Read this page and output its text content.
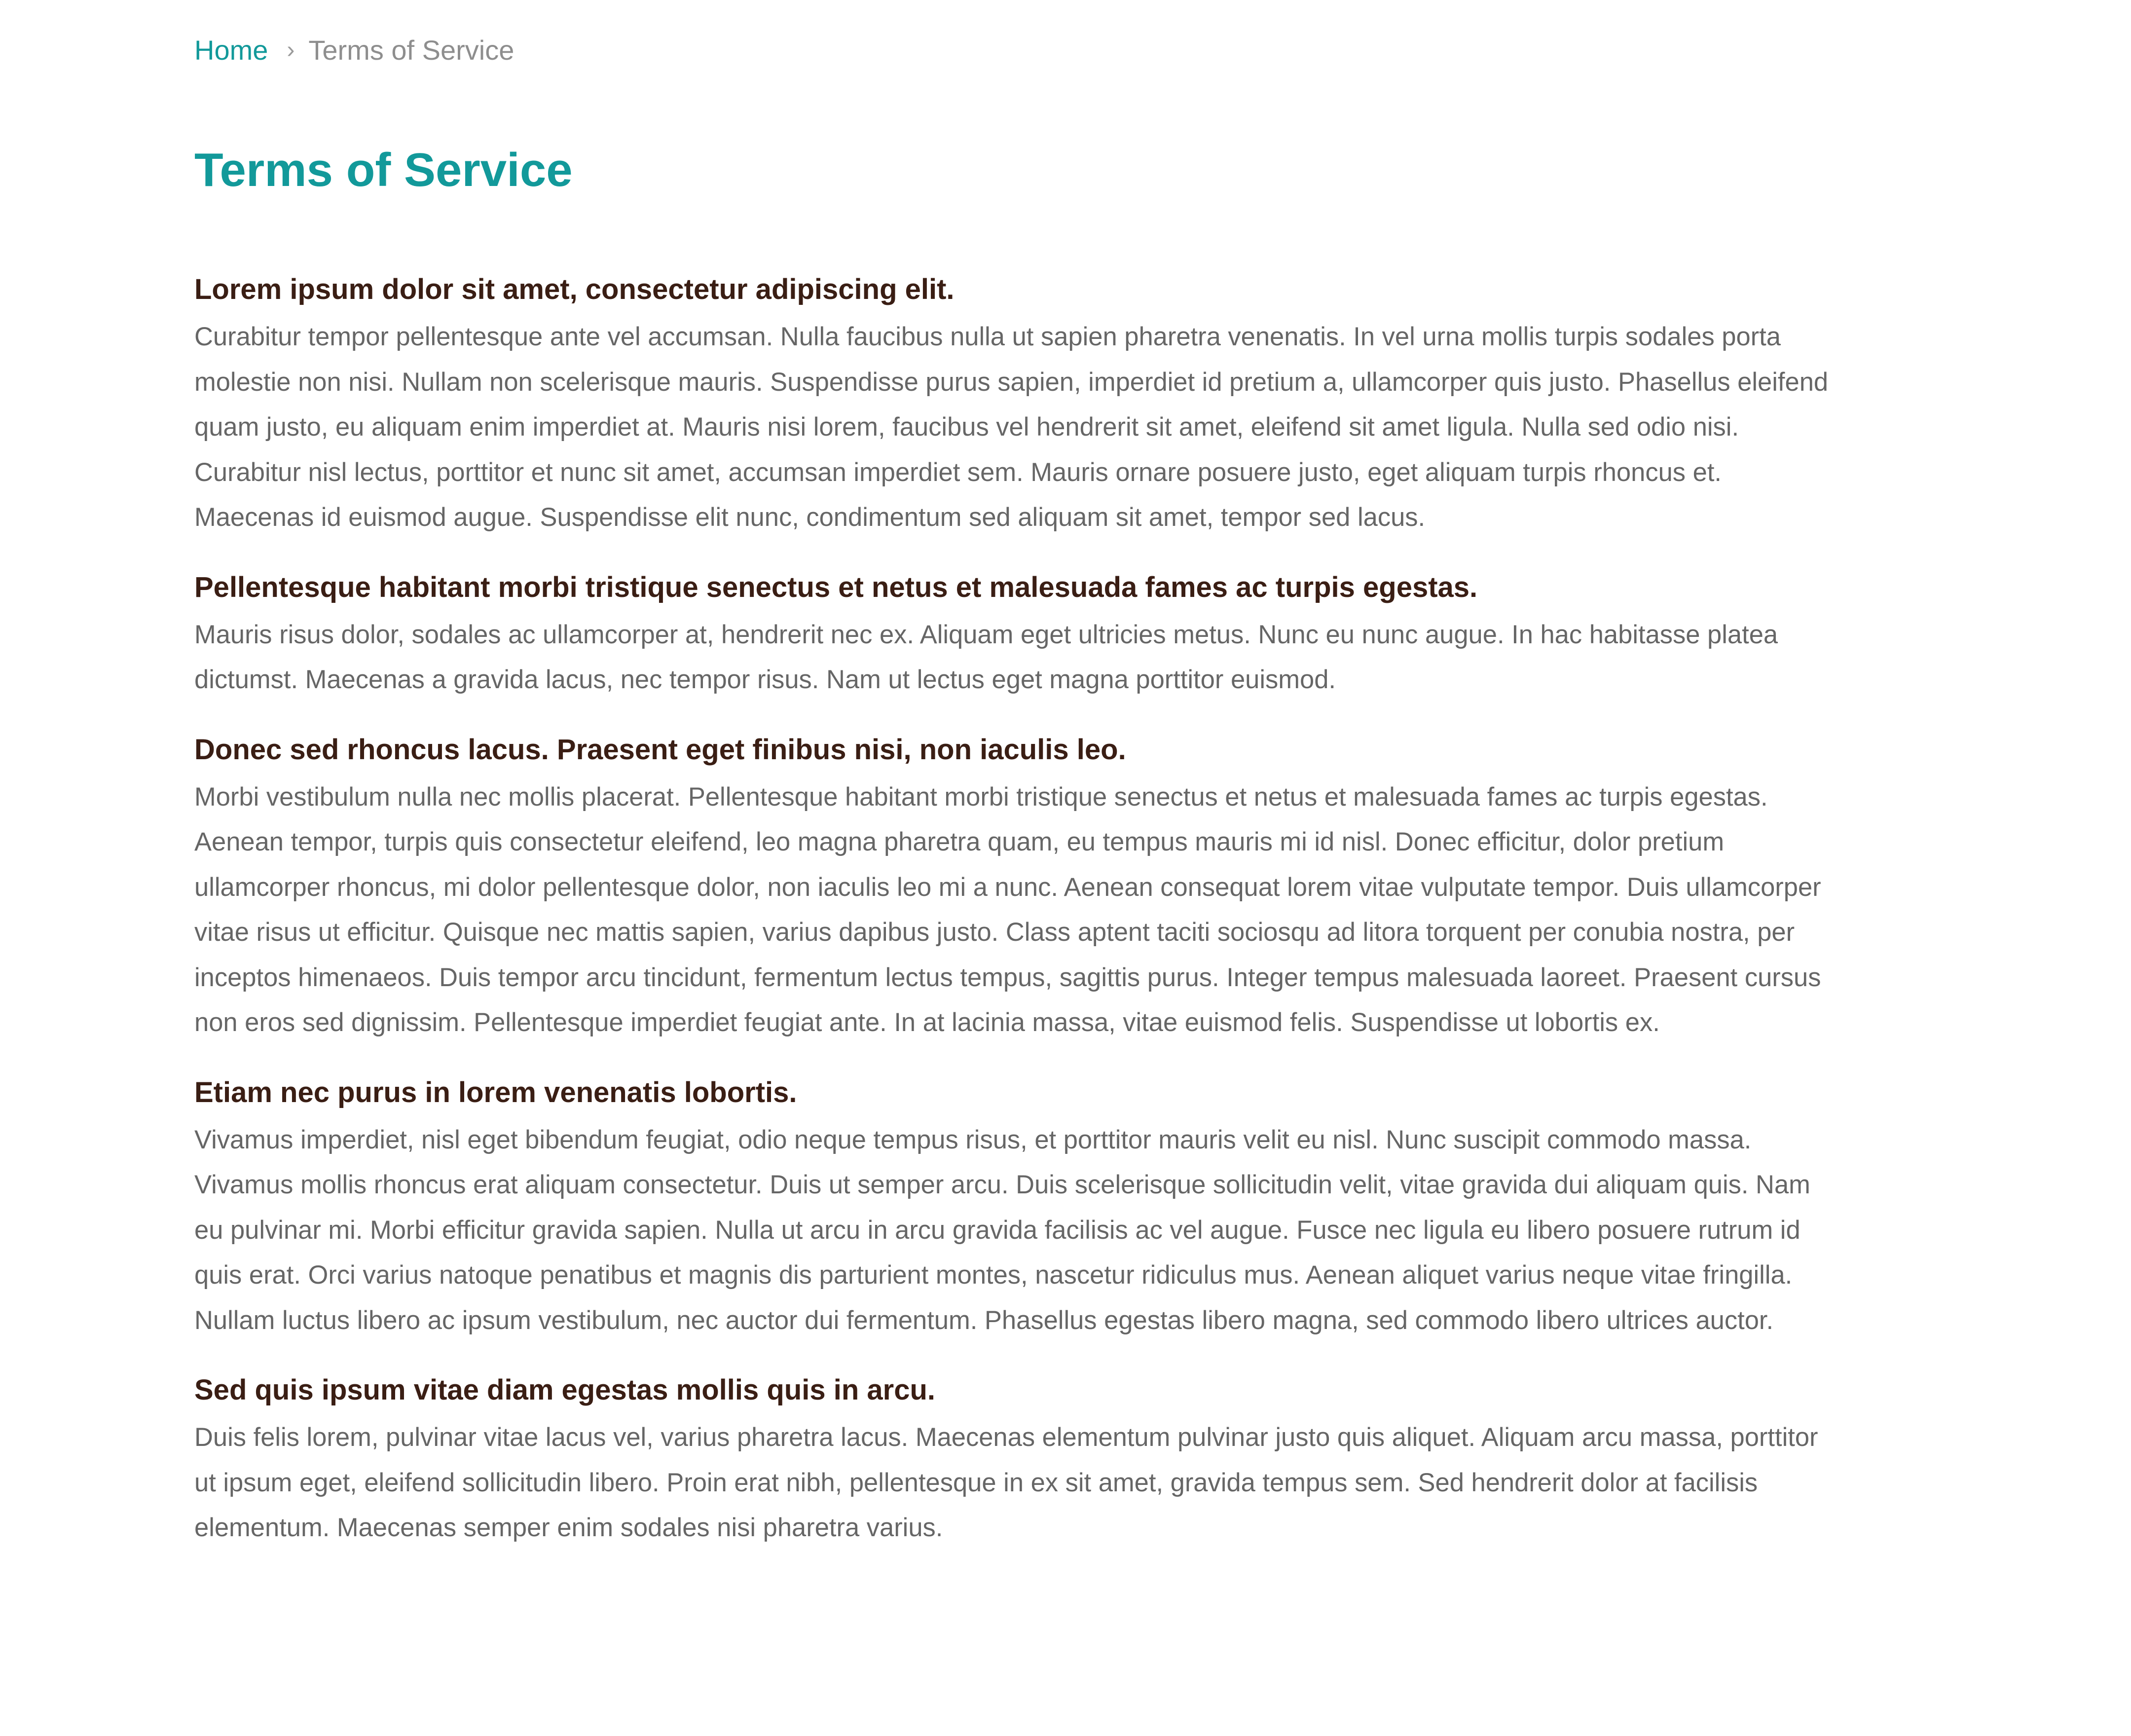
Home › Terms of Service
Terms of Service
Lorem ipsum dolor sit amet, consectetur adipiscing elit.

Curabitur tempor pellentesque ante vel accumsan. Nulla faucibus nulla ut sapien pharetra venenatis. In vel urna mollis turpis sodales porta molestie non nisi. Nullam non scelerisque mauris. Suspendisse purus sapien, imperdiet id pretium a, ullamcorper quis justo. Phasellus eleifend quam justo, eu aliquam enim imperdiet at. Mauris nisi lorem, faucibus vel hendrerit sit amet, eleifend sit amet ligula. Nulla sed odio nisi. Curabitur nisl lectus, porttitor et nunc sit amet, accumsan imperdiet sem. Mauris ornare posuere justo, eget aliquam turpis rhoncus et. Maecenas id euismod augue. Suspendisse elit nunc, condimentum sed aliquam sit amet, tempor sed lacus.

Pellentesque habitant morbi tristique senectus et netus et malesuada fames ac turpis egestas.

Mauris risus dolor, sodales ac ullamcorper at, hendrerit nec ex. Aliquam eget ultricies metus. Nunc eu nunc augue. In hac habitasse platea dictumst. Maecenas a gravida lacus, nec tempor risus. Nam ut lectus eget magna porttitor euismod.

Donec sed rhoncus lacus. Praesent eget finibus nisi, non iaculis leo.

Morbi vestibulum nulla nec mollis placerat. Pellentesque habitant morbi tristique senectus et netus et malesuada fames ac turpis egestas. Aenean tempor, turpis quis consectetur eleifend, leo magna pharetra quam, eu tempus mauris mi id nisl. Donec efficitur, dolor pretium ullamcorper rhoncus, mi dolor pellentesque dolor, non iaculis leo mi a nunc. Aenean consequat lorem vitae vulputate tempor. Duis ullamcorper vitae risus ut efficitur. Quisque nec mattis sapien, varius dapibus justo. Class aptent taciti sociosqu ad litora torquent per conubia nostra, per inceptos himenaeos. Duis tempor arcu tincidunt, fermentum lectus tempus, sagittis purus. Integer tempus malesuada laoreet. Praesent cursus non eros sed dignissim. Pellentesque imperdiet feugiat ante. In at lacinia massa, vitae euismod felis. Suspendisse ut lobortis ex.

Etiam nec purus in lorem venenatis lobortis.

Vivamus imperdiet, nisl eget bibendum feugiat, odio neque tempus risus, et porttitor mauris velit eu nisl. Nunc suscipit commodo massa. Vivamus mollis rhoncus erat aliquam consectetur. Duis ut semper arcu. Duis scelerisque sollicitudin velit, vitae gravida dui aliquam quis. Nam eu pulvinar mi. Morbi efficitur gravida sapien. Nulla ut arcu in arcu gravida facilisis ac vel augue. Fusce nec ligula eu libero posuere rutrum id quis erat. Orci varius natoque penatibus et magnis dis parturient montes, nascetur ridiculus mus. Aenean aliquet varius neque vitae fringilla. Nullam luctus libero ac ipsum vestibulum, nec auctor dui fermentum. Phasellus egestas libero magna, sed commodo libero ultrices auctor.

Sed quis ipsum vitae diam egestas mollis quis in arcu.

Duis felis lorem, pulvinar vitae lacus vel, varius pharetra lacus. Maecenas elementum pulvinar justo quis aliquet. Aliquam arcu massa, porttitor ut ipsum eget, eleifend sollicitudin libero. Proin erat nibh, pellentesque in ex sit amet, gravida tempus sem. Sed hendrerit dolor at facilisis elementum. Maecenas semper enim sodales nisi pharetra varius.
